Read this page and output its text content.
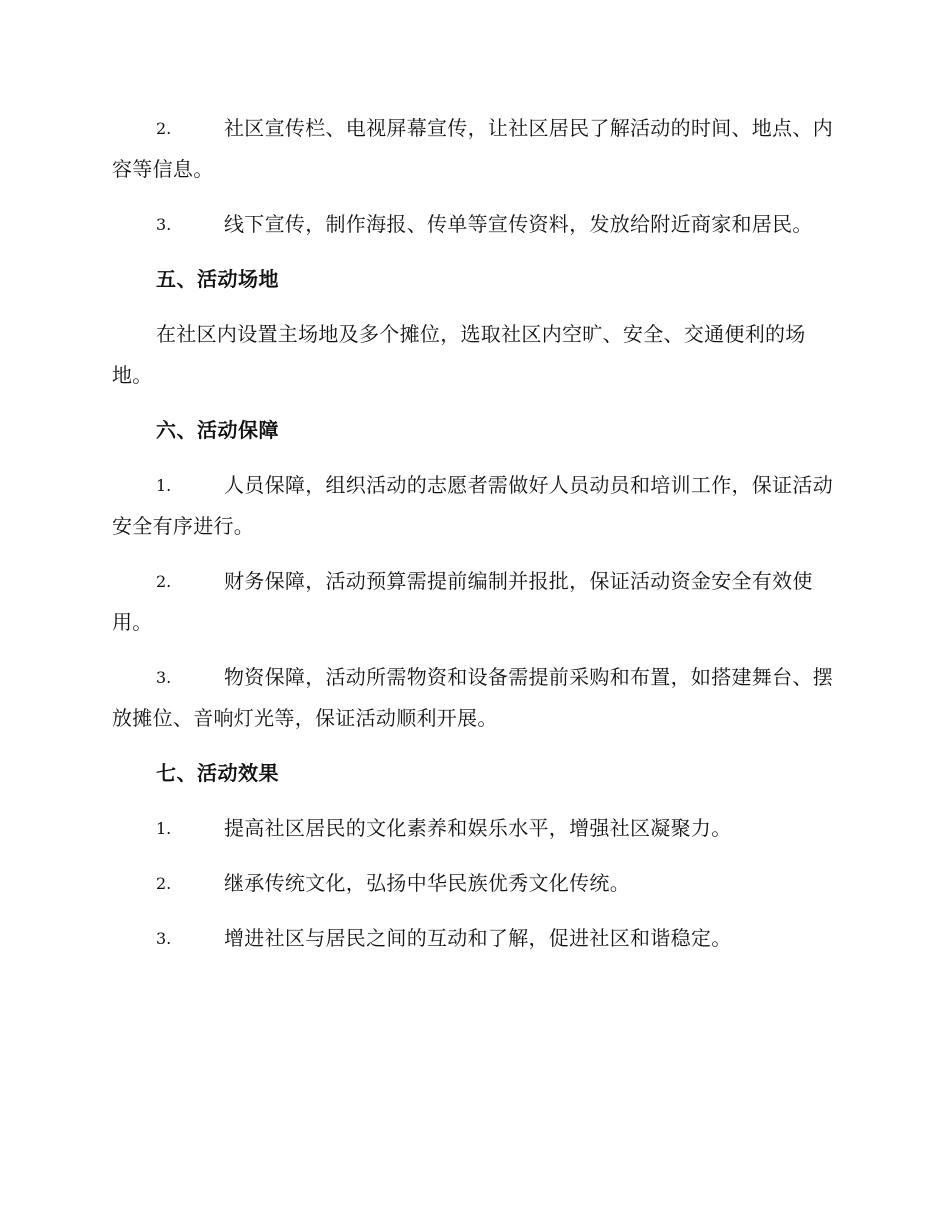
2.	社区宣传栏、电视屏幕宣传，让社区居民了解活动的时间、地点、内容等信息。
3.	线下宣传，制作海报、传单等宣传资料，发放给附近商家和居民。
五、活动场地
在社区内设置主场地及多个摊位，选取社区内空旷、安全、交通便利的场地。
六、活动保障
1.	人员保障，组织活动的志愿者需做好人员动员和培训工作，保证活动安全有序进行。
2.	财务保障，活动预算需提前编制并报批，保证活动资金安全有效使用。
3.	物资保障，活动所需物资和设备需提前采购和布置，如搭建舞台、摆放摊位、音响灯光等，保证活动顺利开展。
七、活动效果
1.	提高社区居民的文化素养和娱乐水平，增强社区凝聚力。
2.	继承传统文化，弘扬中华民族优秀文化传统。
3.	增进社区与居民之间的互动和了解，促进社区和谐稳定。
